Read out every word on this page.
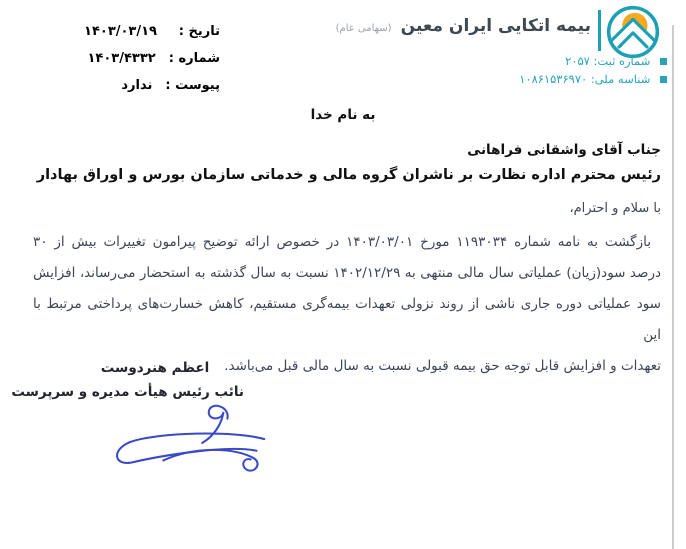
تاریخ :
۱۴۰۳/۰۳/۱۹
شماره :
۱۴۰۳/۴۳۳۲
پیوست :
ندارد
بیمه اتکایی ایران معین (سهامی عام)
شماره ثبت: ۲۰۵۷
شناسه ملی: ۱۰۸۶۱۵۳۶۹۷۰
به نام خدا
جناب آقای واشقانی فراهانی
رئیس محترم اداره نظارت بر ناشران گروه مالی و خدماتی سازمان بورس و اوراق بهادار
با سلام و احترام،
بازگشت به نامه شماره ۱۱۹۳۰۳۴ مورخ ۱۴۰۳/۰۳/۰۱ در خصوص ارائه توضیح پیرامون تغییرات بیش از ۳۰
درصد سود(زیان) عملیاتی سال مالی منتهی به ۱۴۰۲/۱۲/۲۹ نسبت به سال گذشته به استحضار می‌رساند، افزایش
سود عملیاتی دوره جاری ناشی از روند نزولی تعهدات بیمه‌گری مستقیم، کاهش خسارت‌های پرداختی مرتبط با این
تعهدات و افزایش قابل توجه حق بیمه قبولی نسبت به سال مالی قبل می‌باشد.
اعظم هنردوست
نائب رئیس هیأت مدیره و سرپرست
